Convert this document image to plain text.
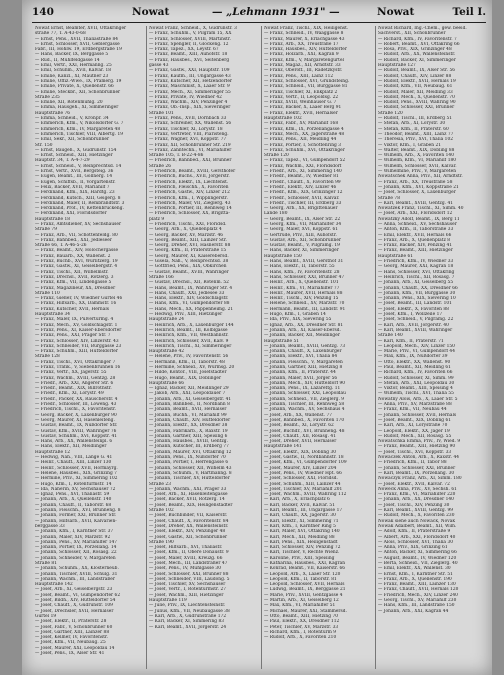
140	Nowat	— „Lehmann 1931" —	Nowat	Teil I.
Nowat Ernst, Beamter, XVII, Ottakringer
straße 77, T. A-43-0-68
— Ernst, Pens., XVII, Thaliastraße 84
— Ernst, Schlosser, XVII, Geblergasse
Fabr., III, Hohlw. 19, Erdbergstraße 19
— Hans, Bäcker, IX, Berggasse 5
— Rud., II, Mühlfeldgasse 14
— Emil, Vertr., XXI, Hermanng. 25
— Emil, Schuhm., XVII, Kalvar. 18
— Emilie, Kanzl., XI, Mautner 23
— Emilie, Offiz.-Wwe., IX, Pramerg. 19
— Emilie, Private, X, Quellenstr. 66
— Emilie, Steckbr., XII, Schönbrunner
Straße 235
— Emilie, XII, Rotenmühlg. 20
— Emma, Hausgeh., XI, Simmeringer
Hauptstraße 76
— Emma, Schneid., V, Kronpr. 34
— Emmerich, Kfm., V, Nikolsdorfer G. 7
— Emmerich, Kfm., IV, Margareten 48
— Emmerich, Tischler, VIII, Albertg. 19
— Emil, Sekr., XII, Schönbrunner
Str. 150
— Ernst, Baugeh., X, Gudrunstr. 154
— Ernst, Schneid., XIII, Hietzinger
Hauptstr. 34, T. A-4-7-29
— Ernst, Schneid., V, Reinprechtsd. 14
— Ernst, Vertr., XVII, Bergsteig. 36
— Eugen, Beamt., III, Göllnerg. 14
— Eugen, Schiffsb., II, Vorgartenstr.
— Felix, Bäcker, XVII, Mariahilf 7
— Ferdinand, Kfm., XIX, Hardtg. 23
— Ferdinand, Kutsch., XIII, Geigerg. 8
— Ferdinand, Maler, II, Rembrandtstr. 3
— Ferdinand, Prof., IV, Kettenbrückeng.
— Ferdinand, XXI, Floridsdorfer
Hauptstraße 18
— Franz, Amtsdiener, XV, Sechshauser
Straße 79
— Franz, Arb., VII, Schottenfeldg. 80
— Franz, Bahnbed., XXI, Jedleseer
Straße 66, T. A-46-5-26
— Franz, Beamt., XIV, Holochergasse
— Franz, Bauarb., XX, Wallenst. 2
— Franz, Buchb., XVI, Wurlitzerg. 19
— Franz, Gastw., XI, Geiselbergstr. 4
— Franz, Tischl., XII, Wilhelmstr.
— Franz, Drechsl., XVII, Rötzerg. 3
— Franz, Kfm., VII, Lindengasse 5
— Franz, Magazineur, XX, Dresdner
Straße 110
— Franz, Gießer, IV, Wiedner Gürtel 46
— Franz, Hilfsarb., XX, Dammstr. 16
— Franz, Kutscher, XVII, Hernals
Hauptstraße 34
— Franz, Maler, IX, Pulverturmg. 4
— Franz, Mech., XV, Goldschlagstr. 1
— Franz, Pens., XI, Kaiser-Ebersdorfer
— Franz, Pens., XXI, Prager Str. 7
— Franz, Schlosser, XIV, Linzerstr. 43
— Franz, Schneider, VII, Burggasse 23
— Franz, Schuhm., XIII, Hütteldorfer
Straße 128
— Franz, Tischl., XVI, Ottakringer 7
— Franz, Trafik., V, Siebenbrunnen 16
— Franz, Vertr., XX, Jägerstr. 55
— Franz, Wachm., XVIII, Gentzg. 28
— Friedr., Arb., XXI, Angerer Str. 6
— Friedr., Beamt., XIX, Billrothstr.
— Friedr., Kfm., XI, Lorystr. 49
— Friedr., Packer, XX, Rauscherstr. 4
— Friedr., Schlosser, III, Löweng. 43
— Friedrich, Tischl., X, Favoritenstr.
— Georg, Bäcker, X, Laxenburger 90
— Georg, Maurer, XI, Hasenleiteng.
— Gustav, Beamt., IX, Nußdorfer Str.
— Gustav, Kfm., XVIII, Währinger 76
— Gustav, Schuhm., XVI, Koppstr. 41
— Hans, Arb., XX, Wallensteinpl. 6
— Hans, Elektr., XII, Meidlinger
Hauptstraße 12
— Hedwig, Näh., VIII, Lange G. 41
— Heinr., Chauff., XIII, Linzer 130
— Heinr., Schlosser, XVII, Hormayrg.
— Helene, Hausbes., XIX, Grinzing 7
— Hermine, Priv., XI, Simmering 102
— Hugo, Kfm., I, Rotenturmstr. 14
— Ida, Näherin, XV, Sechshauser 72
— Ignaz, Pens., XVI, Thaliastr. 59
— Johann, Arb., X, Quellenstr. 140
— Johann, Chauff., II, Taborstr. 68
— Johann, Fleischh., XVI, Brunneng. 8
— Johann, Former, XXI, Brünner Str.
— Johann, Hilfsarb., XVII, Kalvarien-
berggasse 33
— Johann, Kfm., I, Kärntner Str. 37
— Johann, Maler, XIV, Märzstr. 92
— Johann, Pens., XV, Mariahilfer 147
— Johann, Portier, IX, Porzellang. 14
— Johann, Schlosser, XII, Rosasg. 22
— Johann, Schneider, V, Margareten
Straße 81
— Johann, Schuhm., XX, Klosterneub.
— Johann, Tischler, XVIII, Schulg. 31
— Johann, Wachm., III, Landstraßer
Hauptstraße 142
— Josef, Arb., XI, Geiselbergstr. 23
— Josef, Beamt., VI, Gumpendorfer 62
— Josef, Bildh., XIV, Hütteldorfer 54
— Josef, Chauff., X, Gudrunstr. 109
— Josef, Drechsler, XVII, Hernalser
Gürtel 19
— Josef, Elektr., II, Praterstr. 28
— Josef, Fabr., V, Schönbrunner 60
— Josef, Gärtner, XIII, Lainzer 88
— Josef, Kellner, IV, Favoritenstr.
— Josef, Kfm., VII, Neubaug. 25
— Josef, Maurer, XXI, Leopoldau 14
— Josef, Pens., IX, Alser Str. 41
Nowat Franz, Schneid., X, Gudrunstr. 3
— Franz, Schuhm., V, Pilgram 15, XX
— Franz, Schlosser, XVIII, Martinstr.
— Franz, Spengler, II, Glockeng. 12
— Franz, Tapez., XX, Leystr. 67
— Franz, Beamt., XIII, Auhofstr. 18
— Franz, Hausbes., XVI, Seitenberg
gasse 43
— Franz, Gastw., XXI, Hauptstr. 109
— Franz, Kaufm., III, Ungargasse 43
— Franz, Kutscher, XII, Hetzendorfer
— Franz, Maschinist, X, Laaer Str. 9
— Franz, Mech., XI, Simmeringer 55
— Franz, Private, IV, Wiedner 42
— Franz, Wachm., XIV, Penzinger 4
— Franz, Ob.-Insp., XIX, Sieveringer
Straße 101
— Franz, Pens., XVII, Dornbach 33
— Franz, Schreiner, XX, Wallenst. 56
— Franz, Tischler, XI, Lorystr. 18
— Franz, Vertreter, VIII, Piaristeng.
— Franz, Wagner, XVI, Koppstr. 77
— Franz, XII, Schönbrunner Str. 219
— Franz, Zahntechn., VI, Mariahilfer
Straße 105, T. B-22-4-86
— Friedrich, Bahnbed., XXI, Brünner
Straße 26
— Friedrich, Beamt., XVIII, Gersthofer
— Friedrich, Büchs., XVII, Jörgerstr.
— Friedrich, Elektr., IX, Liechtenst.
— Friedrich, Fleischh., X, Favoriten
— Friedrich, Gastw., XIV, Linzer 212
— Friedrich, Kfm., I, Wipplingerstr.
— Friedrich, Maler, VII, Zieglerg. 43
— Friedrich, Portier, III, Rennweg 14
— Friedrich, Schlosser, XX, Brigitta-
platz 9
— Friedrich, Tischl., XXI, Floridsd.
— Georg, Arb., X, Quellenplatz 4
— Georg, Bäcker, XV, Märzstr. 46
— Georg, Beamt., XIII, Lainzer Str.
— Georg, Dreher, XVI, Hasnerstr. 88
— Georg, Kfm., II, Praterstraße 15
— Georg, Maurer, XI, Kaiserebersd.
— Gisela, Näh., V, Reinprechtsd. 38
— Gottfried, Pens., XIX, Obkirchen
— Gustav, Beamt., XVIII, Währinger
Straße 166
— Gustav, Drechsl., XII, Rotenm. 52
— Hans, Beamt., IX, Währinger Str. 4
— Hans, Chauff., XXI, Jedlesee 33
— Hans, Elektr., XIV, Goldschlagstr.
— Hans, Kfm., VI, Gumpendorfer 88
— Hans, Mech., XX, Pappenheimg. 21
— Hedwig, Priv., XIII, Hietzinger
Hauptstraße 24
— Heinrich, Arb., X, Laxenburger 144
— Heinrich, Beamt., III, Kölblgasse
— Heinrich, Kfm., VII, Westbahnstr.
— Heinrich, Schlosser, XVII, Kalv. 9
— Heinrich, Tischl., XI, Simmeringer
Hauptstraße 42
— Helene, Priv., IV, Favoritenstr. 56
— Hermann, Kfm., II, Taborstr. 48
— Hermine, Schneid., XV, Wurmsg. 20
— Hilde, Kontor., VIII, Josefstädter
— Hugo, Beamt., XIX, Döblinger
Hauptstraße 66
— Ignaz, Bäcker, XII, Meidlinger 29
— Jakob, Arb., XXI, Leopoldauer 7
— Johann, Arb., XI, Geiselbergstr. 41
— Johann, Bahnbed., II, Nordbahn 8
— Johann, Beamt., XVII, Hernalser
— Johann, Buchh., VI, Mariahilf 99
— Johann, Chauff., XIV, Hütteldorfer
— Johann, Elektr., XX, Dresdner 38
— Johann, Fabrikarb., X, Raxstr. 19
— Johann, Gärtner, XIII, Speising 6
— Johann, Hausbes., XVIII, Gentzg.
— Johann, Kutscher, III, Erdberg 77
— Johann, Maurer, XVI, Ottakring 12
— Johann, Pens., IX, Nußdorfer 70
— Johann, Portier, I, Herrengasse 6
— Johann, Schlosser, XII, Wilhelm 43
— Johann, Schuhm., V, Hartmanng. 8
— Johann, Tischler, XV, Hütteldorfer
Straße 23
— Johann, Wachm., XXI, Prager 33
— Josef, Arb., XI, Hasenleitengasse
— Josef, Bäcker, XVII, Rötzerg. 14
— Josef, Beamt., XIX, Heiligenstädter
Straße 102
— Josef, Buchbinder, VII, Kaiserstr.
— Josef, Chauff., X, Favoritenstr. 84
— Josef, Dreher, XX, Wallensteinstr.
— Josef, Elektr., XIV, Penzinger 48
— Josef, Gastw., XII, Schönbrunner
Straße 190
— Josef, Hilfsarb., XVI, Thaliastr.
— Josef, Kfm., II, Obere Donaustr. 9
— Josef, Maler, XVIII, Kreuzg. 66
— Josef, Mech., III, Landstraßer 47
— Josef, Pens., IV, Mühlgasse 30
— Josef, Schlosser, XXI, Brünner 88
— Josef, Schneider, VIII, Laudong. 5
— Josef, Tischler, XV, Sechshauser
— Josef, Vertr., I, Rotenturmstr. 27
— Josef, Wachm., XIII, Hietzinger
Hauptstraße 119
— Julie, Priv., IX, Liechtensteinstr.
— Julius, Kfm., VII, Neubaugasse 38
— Karl, Arb., X, Gudrunstraße 172
— Karl, Bäcker, XI, Simmering 83
— Karl, Beamt., XVII, Jörgerstr. 24
Nowat Franz, Tischl., XIX, Heiligenst.
— Franz, Schneid., IV, Waaggasse 8
— Franz, Maurer, X, Erlachgasse 43
— Franz, Arb., XX, Treustraße 17
— Franz, Hausbes., XIV, Hütteldorfer
— Franz, Holzarb., XXI, Kagran 9
— Franz, Kfm., V, Margaretengürtel
— Franz, Magaz., XII, Arndtstr. 33
— Franz, Oberoff., III, Radetzkystr.
— Franz, Pens., XIII, Lainz 112
— Franz, Schlosser, XVI, Grundsteing.
— Franz, Schneid., VII, Burggasse 81
— Franz, Tischler, XI, Enkplatz 2
— Franz, Vertr., II, Leopoldsg. 22
— Franz, XVIII, Weinhauser G. 7
— Franz, Bäcker, X, Laaer Berg 91
— Franz, Elektr., XVII, Hernalser
Hauptstraße 102
— Franz, Fabr., XV, Mariahilf 168
— Franz, Kfm., IX, Porzellangasse 4
— Franz, Mech., XX, Jägerstraße 48
— Franz, Pens., XII, Meidling 44
— Franz, Portier, I, Schottenring 3
— Franz, Schuhm., XVI, Ottakringer
Straße 120
— Franz, Tapez., VI, Gumpendorf 52
— Franz, Wachm., XXI, Floridsdorf
— Friedr., Arb., XI, Simmering 140
— Friedr., Beamt., IV, Wiedner 81
— Friedr., Chauff., X, Favoriten 99
— Friedr., Elektr., XIV, Linzer 46
— Friedr., Kfm., XIX, Grinzinger 12
— Friedr., Schlosser, XVII, Kalvar.
— Friedr., Tischler, III, Erdberg 33
— Georg, Arb., XX, Brigittenauer
Lände 180
— Georg, Beamt., IX, Alser Str. 22
— Georg, Kfm., VII, Mariahilfer 34
— Georg, Maler, XVI, Koppstr. 61
— Gertrude, Priv., XIII, Auhofstr.
— Gustav, Arb., XII, Schönbrunner
— Gustav, Beamt., V, Pilgramg. 19
— Hans, Bäcker, XI, Simmeringer
Hauptstraße 150
— Hans, Beamt., XVIII, Gersthof 31
— Hans, Elektr., II, Taborstr. 55
— Hans, Kfm., IV, Favoritenstr. 28
— Hans, Schlosser, XXI, Brünner 47
— Heinr., Arb., X, Quellenstr. 101
— Heinr., Kfm., VI, Mariahilfer 77
— Heinr., Maurer, XVII, Hernals 88
— Heinr., Tischl., XIV, Penzing 15
— Helene, Schneid., XV, Märzstr. 70
— Hermann, Beamt., III, Landstr. 91
— Hugo, Kfm., I, Graben 14
— Ida, Priv., XIX, Sievering 55
— Ignaz, Arb., XX, Dresdner Str. 81
— Johann, Arb., XI, Kaiser-Ebersd.
— Johann, Bäcker, XII, Meidlinger
Hauptstraße 51
— Johann, Beamt., XVIII, Gentzg. 73
— Johann, Chauff., X, Laxenburger
— Johann, Elektr., XVI, Thalia 84
— Johann, Fleischh., V, Margareten
— Johann, Gärtner, XIII, Hietzing 8
— Johann, Kfm., II, Praterstr. 44
— Johann, Maler, XVII, Jörger 56
— Johann, Mech., XIV, Hütteldorf 90
— Johann, Pens., IX, Lazarettg. 11
— Johann, Schlosser, XXI, Leopoldau
— Johann, Schneid., VII, Zieglerg. 9
— Johann, Tischler, III, Rennweg 58
— Johann, Wachm., XV, Sechshaus 4
— Josef, Arb., XX, Wallenst. 77
— Josef, Bahnbed., X, Favoriten 170
— Josef, Beamt., XI, Lorystr. 62
— Josef, Buchdr., XVI, Brunneng. 48
— Josef, Chauff., XII, Rosasg. 41
— Josef, Dreher, XVII, Hernalser
Hauptstraße 141
— Josef, Elektr., XIX, Döbling 30
— Josef, Gastw., II, Nordbahnstr. 18
— Josef, Kfm., VI, Gumpendorfer 109
— Josef, Maurer, XIV, Linzer 204
— Josef, Pens., IV, Wiedner Hpt. 66
— Josef, Schlosser, XXI, Floridsd.
— Josef, Schuhm., XIII, Lainzer 44
— Josef, Tischler, XV, Mariahilf 201
— Josef, Wachm., XVIII, Währing 112
— Karl, Arb., X, Erlachplatz 6
— Karl, Bäcker, XVII, Kalvar. 51
— Karl, Beamt., III, Ungargasse 17
— Karl, Chauff., XX, Jägerstr. 30
— Karl, Elektr., XI, Simmering 71
— Karl, Kfm., I, Kärntner Ring 5
— Karl, Maler, XVI, Ottakring 140
— Karl, Mech., XII, Meidling 88
— Karl, Pens., XIX, Heiligenstadt
— Karl, Schlosser, XIV, Penzing 72
— Karl, Tischler, V, Rechte Wienz.
— Karoline, Priv., XIII, Speising
— Katharina, Hausbes., XXI, Kagran
— Konrad, Beamt., VII, Kaiserstr. 66
— Leopold, Arb., X, Laaer Str. 120
— Leopold, Kfm., II, Taborstr. 81
— Leopold, Schlosser, XVII, Hernals
— Ludwig, Beamt., IX, Berggasse 21
— Marie, Priv., XVIII, Gentzgasse 4
— Martin, Arb., XI, Geiselberg 12
— Max, Kfm., VI, Mariahilfer 51
— Michael, Maurer, XXI, Stammersd.
— Otto, Beamt., XIII, Hietzing 70
— Paul, Elektr., XX, Dresdner 112
— Peter, Tischler, XV, Märzstr. 33
— Richard, Kfm., I, Rotenturm 9
— Rudolf, Arb., X, Favoriten 210
Nowat Richard, Ing.-Chem., gew. beeid.
Sachverst., XII, Schönbrunner
— Richard, Kfm., IV, Favoritenstr. 7
— Robert, Beamt., XVI, Ottakring 66
— Rosa, Priv., XIX, Grinzinger 48
— Rudolf, Arb., XX, Wallensteinstr.
— Rudolf, Bäcker, XI, Simmeringer
Hauptstraße 127
— Rudolf, Beamt., IX, Alser Str. 56
— Rudolf, Chauff., XIV, Linzer 88
— Rudolf, Elektr., XVII, Hernals 19
— Rudolf, Kfm., VII, Neubaug. 61
— Rudolf, Maler, XII, Meidling 33
— Rudolf, Mech., X, Quellenstr. 70
— Rudolf, Pens., XVIII, Währing 90
— Rudolf, Schlosser, XXI, Brünner
Straße 120
— Rudolf, Tischl., III, Erdberg 51
— Stefan, Arb., XI, Lorystr. 30
— Stefan, Kfm., II, Praterstr. 60
— Theodor, Beamt., XIII, Lainz 77
— Theresia, Priv., XVI, Thalia 102
— Viktor, Kfm., I, Graben 21
— Walter, Beamt., XIX, Döbling 88
— Wilhelm, Arb., X, Favoriten 140
— Wilhelm, Kfm., VI, Mariahilf 180
— Wilhelm, Schlosser, XVII, Kalvar.
— Wilhelmine, Priv., V, Margareten
Nowatschek Anna, Priv., XII, Arndtstr.
— Franz, Arb., XX, Treustraße 58
— Johann, Kfm., XVI, Koppstraße 21
— Josef, Schlosser, X, Laxenburger
Straße 78
— Karl, Beamt., XVIII, Gentzg. 41
Nowatzek Franz, Tischl., XI, Simm. 40
— Josef, Arb., XXI, Floridsdorf 12
Nowatzky Adolf, Beamt., IX, Berg 11
— Anna, Schneid., XV, Sechshauser
— Anton, Kfm., II, Taborstraße 33
— Emil, Elektr., XVII, Hernals 66
— Franz, Arb., X, Quellenplatz 8
— Franz, Bäcker, XIV, Penzing 41
— Franz, Beamt., XIII, Hietzinger
Hauptstraße 61
— Friedrich, Kfm., IV, Wiedner 33
— Georg, Maurer, XXI, Kagran 18
— Hans, Schlosser, XVI, Ottakring
— Heinrich, Tischl., XII, Rosasg. 7
— Johann, Arb., XI, Geiselberg 55
— Johann, Chauff., XX, Dresdner 66
— Johann, Kfm., VII, Burggasse 30
— Johann, Pens., XIX, Sievering 10
— Josef, Beamt., III, Landstr. 101
— Josef, Elektr., X, Favoriten 88
— Josef, Kfm., I, Wollzeile 17
— Josef, Schneid., V, Pilgramg. 22
— Karl, Arb., XVII, Jörgerstr. 40
— Karl, Beamt., XVIII, Währinger
Straße 140
— Karl, Kfm., II, Praterstr. 71
— Leopold, Mech., XIV, Linzer 150
— Marie, Priv., VI, Gumpendorf 44
— Max, Kfm., IX, Nußdorfer 39
— Otto, Elektr., XX, Wallenst. 90
— Paul, Beamt., XII, Meidling 61
— Richard, Kfm., IV, Favoriten 66
— Rudolf, Schlosser, XI, Simm. 99
— Stefan, Arb., XXI, Leopoldau 30
— Viktor, Beamt., XIII, Speising 4
— Wilhelm, Tischl., XVI, Thalia 55
Nowatny Alois, Arb., X, Laaer Str. 5
— Anna, Priv., XV, Märzstraße 88
— Franz, Kfm., VII, Neubau 44
— Johann, Schlosser, XVII, Hernals
— Josef, Beamt., XIX, Döbling 61
— Karl, Arb., XI, Lorystraße 70
— Leopold, Elektr., XX, Jäger 19
— Rudolf, Mech., XII, Rosasg. 55
Nowatschka Emma, Priv., IV, Wied. 9
— Franz, Beamt., XIII, Hietzing 90
— Josef, Tischl., XVI, Koppstr. 33
Nowaczek Anton, Arb., X, Raxstr. 44
— Friedrich, Kfm., II, Tabor 88
— Johann, Schlosser, XXI, Brünner
— Karl, Beamt., IX, Porzellang. 30
Nowaczyk Franz, Arb., XI, Simm. 180
— Josef, Elektr., XVII, Kalvar. 72
Noweck Anna, Priv., XV, Sechsh. 61
— Franz, Kfm., VI, Mariahilfer 220
— Johann, Arb., XX, Dresdner 140
— Josef, Tischl., XIV, Penzing 30
— Karl, Beamt., XVIII, Gentzg. 99
— Rudolf, Mech., X, Favoriten 230
Nowak siehe auch Nowack, Novak
Nowak Adalbert, Beamt., XII, Wilh.
— Adolf, Kfm., II, Praterstraße 9
— Albert, Arb., XXI, Floridsdorf 40
— Alois, Schlosser, XVI, Thalia 30
— Anna, Priv., XIX, Grinzing 61
— Anton, Bäcker, XI, Simmering 66
— August, Beamt., IV, Wiedner 120
— Berta, Schneid., VII, Zieglerg. 40
— Emil, Elektr., XX, Wallenst. 30
— Ernst, Kfm., I, Kärntner Str. 51
— Franz, Arb., X, Quellenstr. 190
— Franz, Beamt., XIII, Lainzer 130
— Franz, Chauff., XVII, Hernals 120
— Friedrich, Mech., XIV, Linzer 240
— Georg, Tischl., XV, Mariahilf 230
— Hans, Kfm., III, Landstraße 150
— Johann, Arb., XXI, Kagran 44
